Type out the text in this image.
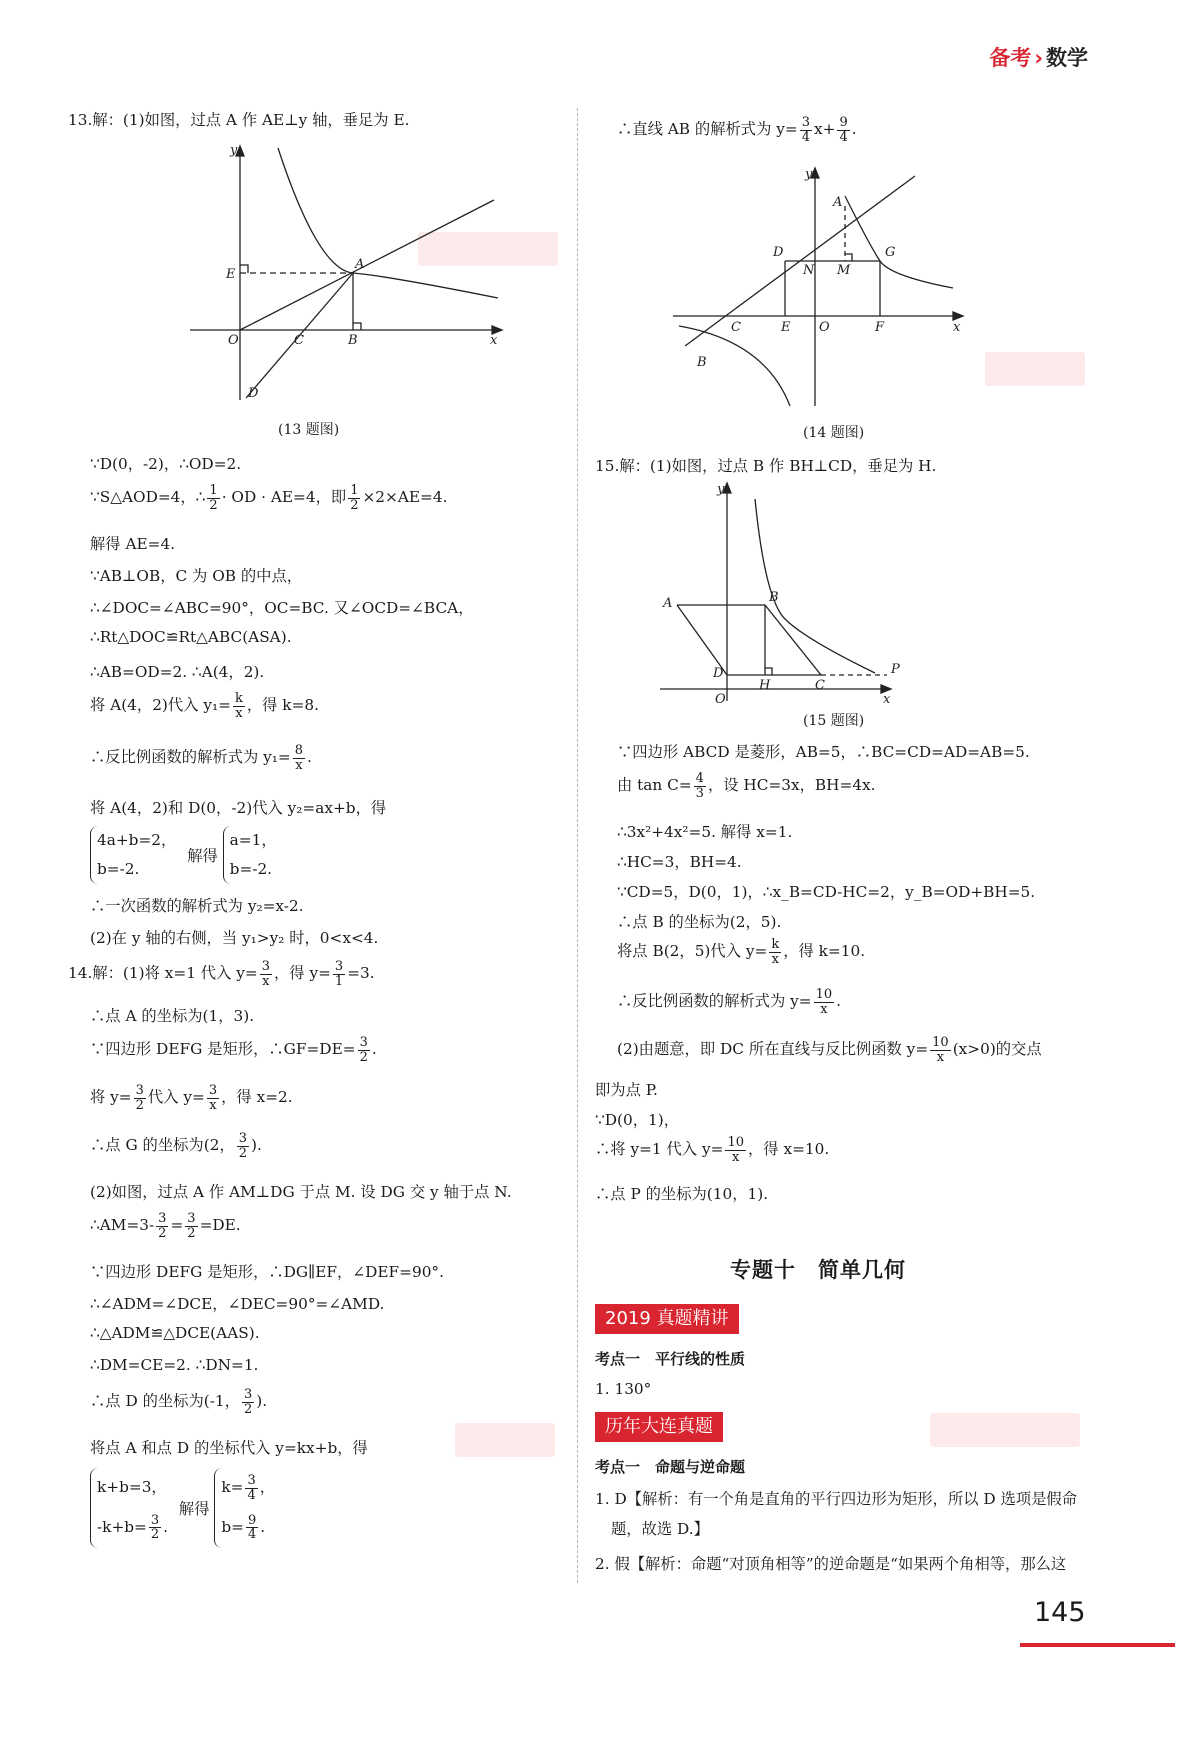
备考 › 数学
13.解：(1)如图，过点 A 作 AE⊥y 轴，垂足为 E.
y
E
A
O	C	B	x
D
(13 题图)
∵D(0，-2)，∴OD=2.
∵S△AOD=4，∴ $\frac{1}{2}$ · OD · AE=4，即 $\frac{1}{2} \times 2\times AE=4$.
解得 AE=4.
∵AB⊥OB，C 为 OB 的中点，
∴∠DOC=∠ABC=90°，OC=BC. 又∠OCD=∠BCA，
∴Rt△DOC≌Rt△ABC(ASA).
∴AB=OD=2. ∴A(4，2).
将 A(4，2)代入 $y_1= \frac{k}{x}$ ，得 k=8.
∴反比例函数的解析式为 $y_1= \frac{8}{x}$ .
将 A(4，2)和 D(0，-2)代入 y₂=ax+b，得
4a+b=2，
b=-2.
解得
a=1，
b=-2.
∴一次函数的解析式为 y₂=x-2.
(2)在 y 轴的右侧，当 y₁>y₂ 时，0<x<4.
14.解：(1)将 x=1 代入 $y= \frac{3}{x}$ ，得 $y= \frac{3}{1} =3$.
∴点 A 的坐标为(1，3).
∵四边形 DEFG 是矩形，∴GF=DE= $\frac{3}{2}$ .
将 $y= \frac{3}{2}$ 代入 $y= \frac{3}{x}$ ，得 x=2.
∴点 G 的坐标为(2， $\frac{3}{2}$ ).
(2)如图，过点 A 作 AM⊥DG 于点 M. 设 DG 交 y 轴于点 N.
∴AM=3- $\frac{3}{2} = \frac{3}{2} =DE$.
∵四边形 DEFG 是矩形，∴DG∥EF，∠DEF=90°.
∴∠ADM=∠DCE，∠DEC=90°=∠AMD.
∴△ADM≌△DCE(AAS).
∴DM=CE=2. ∴DN=1.
∴点 D 的坐标为(-1， $\frac{3}{2}$ ).
将点 A 和点 D 的坐标代入 y=kx+b，得
k+b=3，
$-k+b= \frac{3}{2}$ .
解得
$k= \frac{3}{4}$ ，
$b= \frac{9}{4}$ .
∴直线 AB 的解析式为 $y= \frac{3}{4} x+ \frac{9}{4}$ .
y
A
D
N M
G
C	E O	F	x
B
(14 题图)
15.解：(1)如图，过点 B 作 BH⊥CD，垂足为 H.
y
A	B
P
D
H	C
O	x
(15 题图)
∵四边形 ABCD 是菱形，AB=5，∴BC=CD=AD=AB=5.
由 $\tan C= \frac{4}{3}$ ，设 HC=3x，BH=4x.
∴3x²+4x²=5. 解得 x=1.
∴HC=3，BH=4.
∵CD=5，D(0，1)，∴x_B=CD-HC=2，y_B=OD+BH=5.
∴点 B 的坐标为(2，5).
将点 B(2，5)代入 $y= \frac{k}{x}$ ，得 k=10.
∴反比例函数的解析式为 $y= \frac{10}{x}$ .
(2)由题意，即 DC 所在直线与反比例函数 $y= \frac{10}{x} (x>0)$的交点
即为点 P.
∵D(0，1)，
∴将 y=1 代入 $y= \frac{10}{x}$ ，得 x=10.
∴点 P 的坐标为(10，1).
专题十　简单几何
2019 真题精讲
考点一　平行线的性质
1. 130°
历年大连真题
考点一　命题与逆命题
1. D【解析：有一个角是直角的平行四边形为矩形，所以 D 选项是假命题，故选 D.】
2. 假【解析：命题“对顶角相等”的逆命题是“如果两个角相等，那么这
145
